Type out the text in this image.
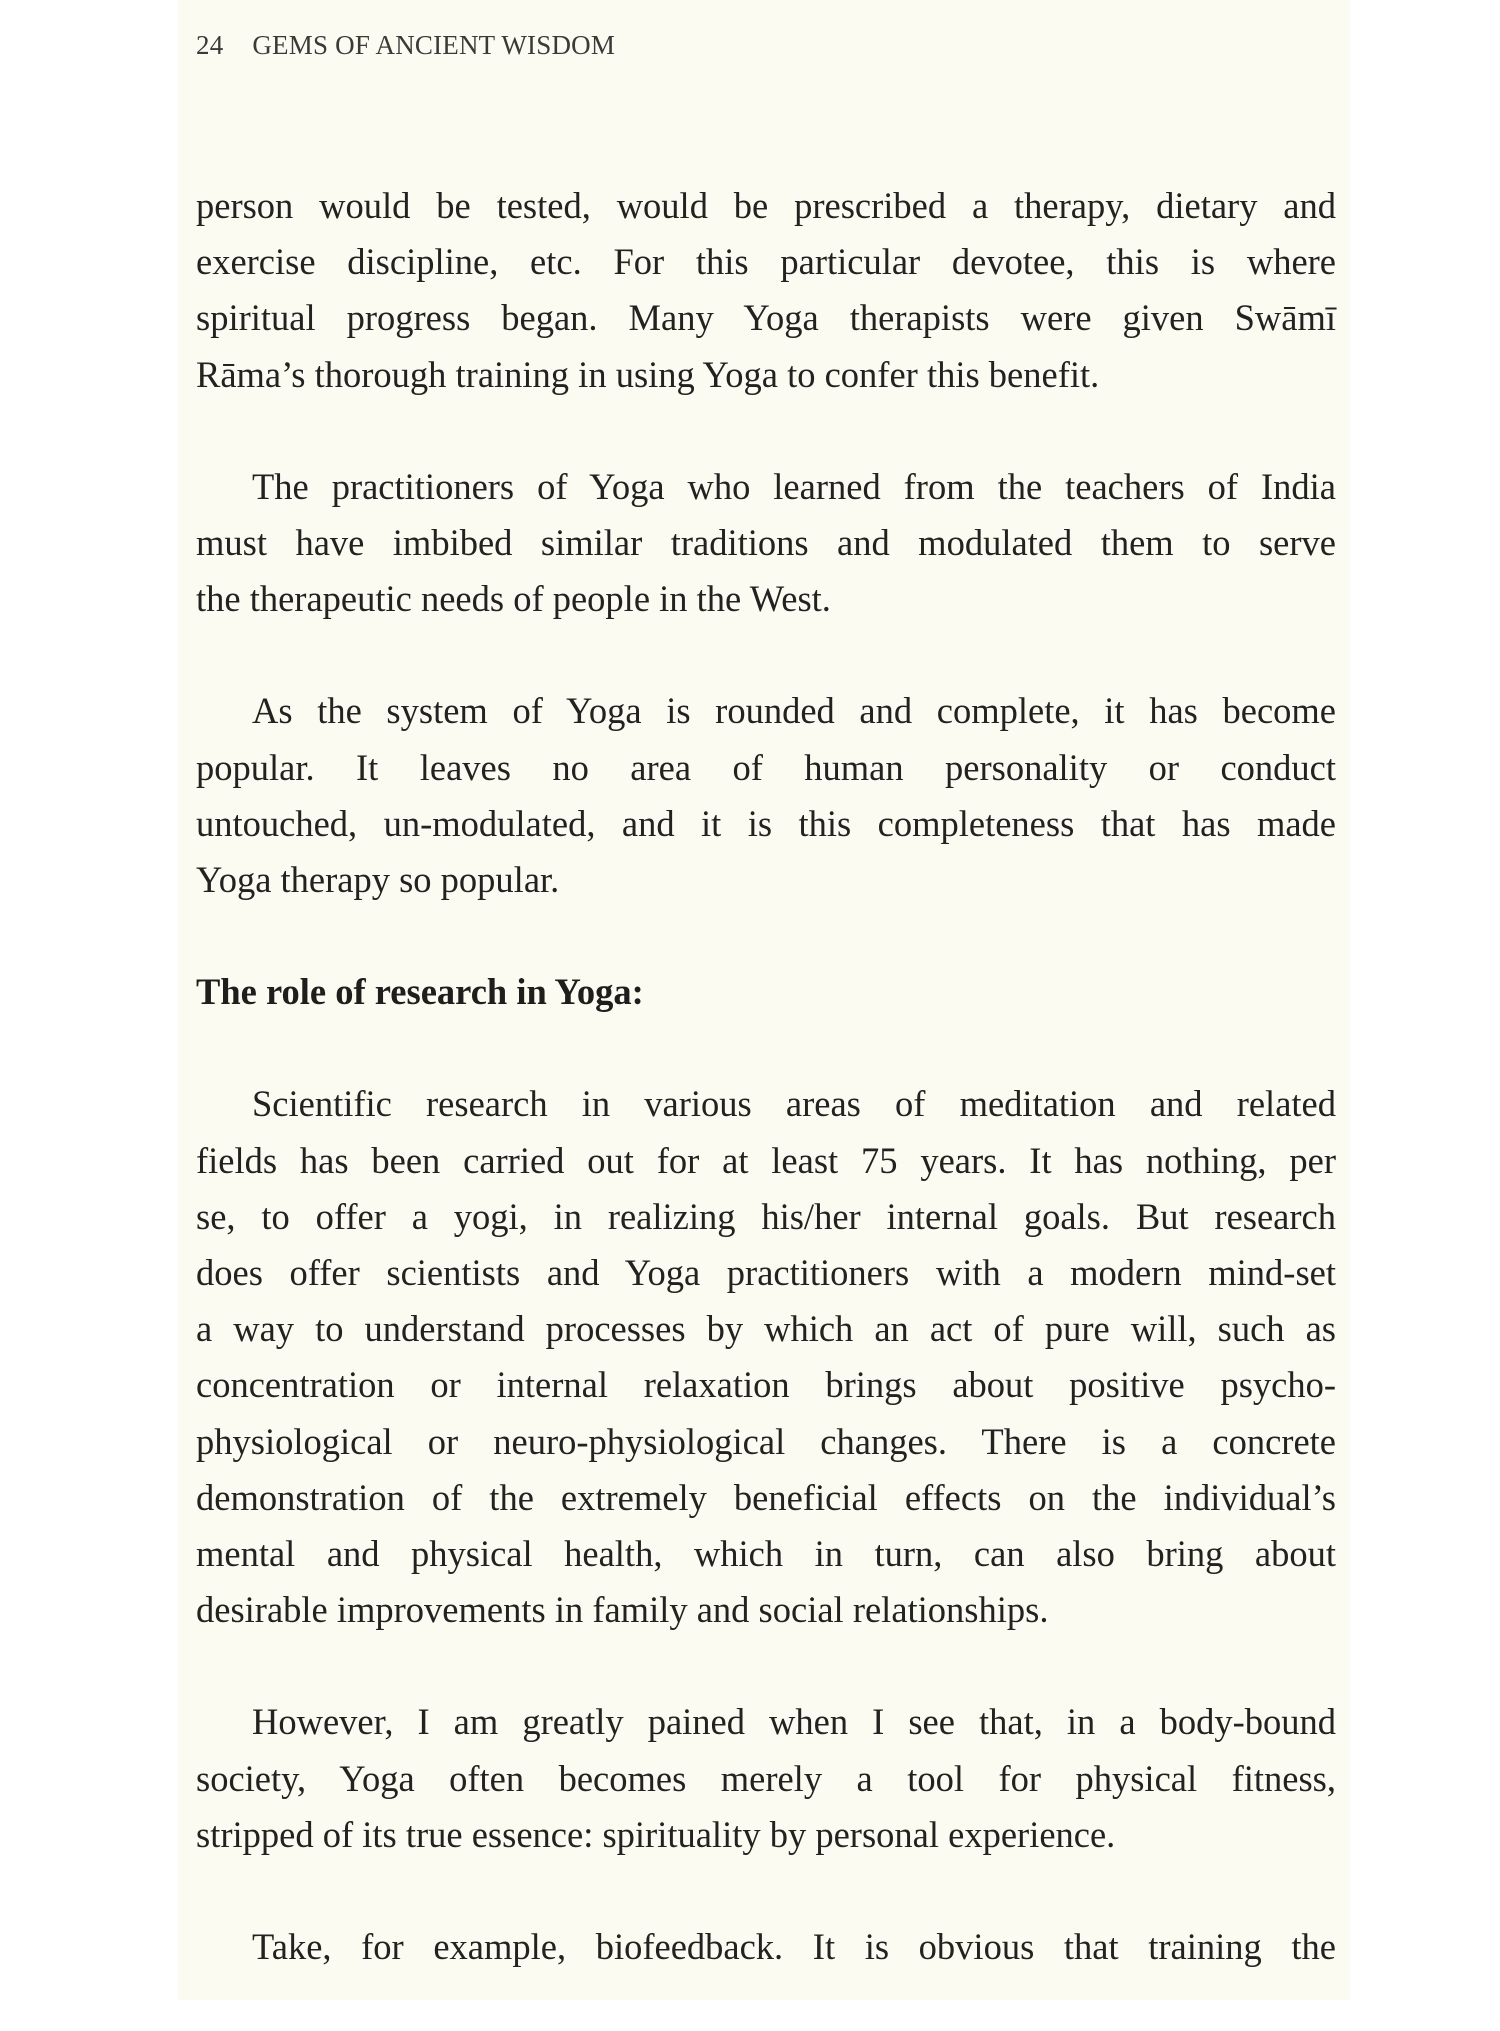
24 GEMS OF ANCIENT WISDOM
person would be tested, would be prescribed a therapy, dietary and
exercise discipline, etc. For this particular devotee, this is where
spiritual progress began. Many Yoga therapists were given Swāmī
Rāma’s thorough training in using Yoga to confer this benefit.
The practitioners of Yoga who learned from the teachers of India
must have imbibed similar traditions and modulated them to serve
the therapeutic needs of people in the West.
As the system of Yoga is rounded and complete, it has become
popular. It leaves no area of human personality or conduct
untouched, un-modulated, and it is this completeness that has made
Yoga therapy so popular.
The role of research in Yoga:
Scientific research in various areas of meditation and related
fields has been carried out for at least 75 years. It has nothing, per
se, to offer a yogi, in realizing his/her internal goals. But research
does offer scientists and Yoga practitioners with a modern mind-set
a way to understand processes by which an act of pure will, such as
concentration or internal relaxation brings about positive psycho-
physiological or neuro-physiological changes. There is a concrete
demonstration of the extremely beneficial effects on the individual’s
mental and physical health, which in turn, can also bring about
desirable improvements in family and social relationships.
However, I am greatly pained when I see that, in a body-bound
society, Yoga often becomes merely a tool for physical fitness,
stripped of its true essence: spirituality by personal experience.
Take, for example, biofeedback. It is obvious that training the
